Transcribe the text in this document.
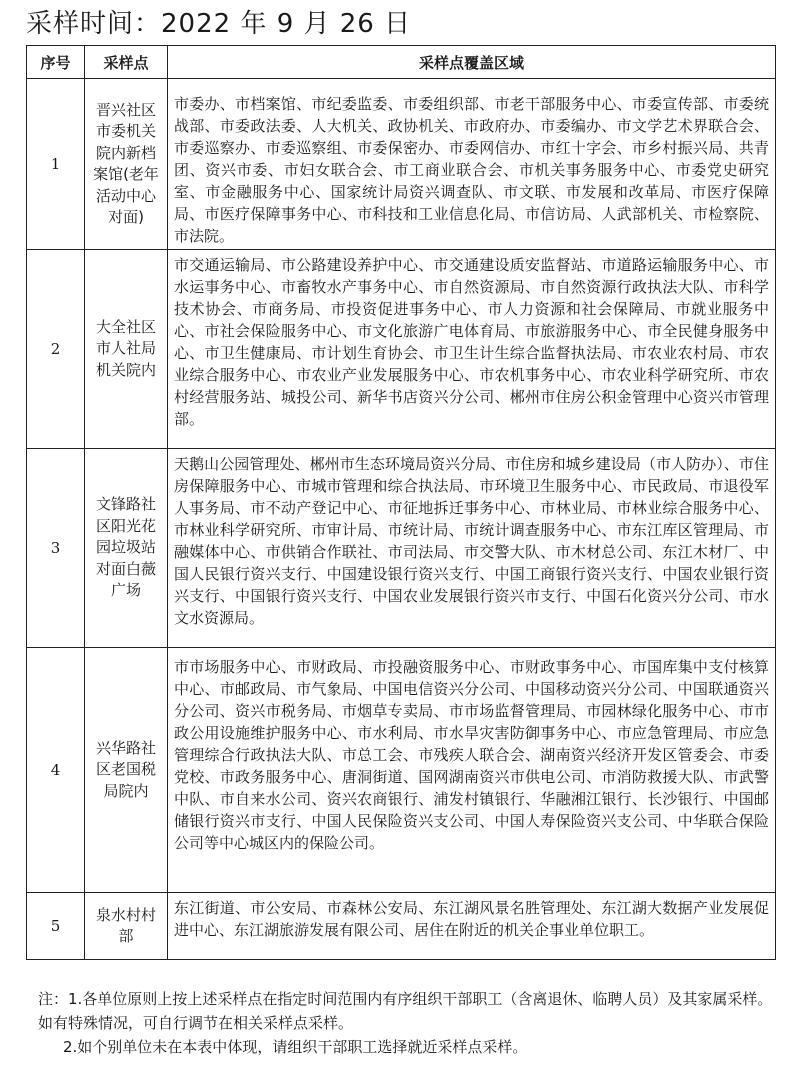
采样时间：2022 年 9 月 26 日
序号	采样点	采样点覆盖区域
1	晋兴社区市委机关院内新档案馆(老年活动中心对面)	市委办、市档案馆、市纪委监委、市委组织部、市老干部服务中心、市委宣传部、市委统战部、市委政法委、人大机关、政协机关、市政府办、市委编办、市文学艺术界联合会、市委巡察办、市委巡察组、市委保密办、市委网信办、市红十字会、市乡村振兴局、共青团、资兴市委、市妇女联合会、市工商业联合会、市机关事务服务中心、市委党史研究室、市金融服务中心、国家统计局资兴调查队、市文联、市发展和改革局、市医疗保障局、市医疗保障事务中心、市科技和工业信息化局、市信访局、人武部机关、市检察院、市法院。
2	大全社区市人社局机关院内	市交通运输局、市公路建设养护中心、市交通建设质安监督站、市道路运输服务中心、市水运事务中心、市畜牧水产事务中心、市自然资源局、市自然资源行政执法大队、市科学技术协会、市商务局、市投资促进事务中心、市人力资源和社会保障局、市就业服务中心、市社会保险服务中心、市文化旅游广电体育局、市旅游服务中心、市全民健身服务中心、市卫生健康局、市计划生育协会、市卫生计生综合监督执法局、市农业农村局、市农业综合服务中心、市农业产业发展服务中心、市农机事务中心、市农业科学研究所、市农村经营服务站、城投公司、新华书店资兴分公司、郴州市住房公积金管理中心资兴市管理部。
3	文锋路社区阳光花园垃圾站对面白薇广场	天鹅山公园管理处、郴州市生态环境局资兴分局、市住房和城乡建设局（市人防办）、市住房保障服务中心、市城市管理和综合执法局、市环境卫生服务中心、市民政局、市退役军人事务局、市不动产登记中心、市征地拆迁事务中心、市林业局、市林业综合服务中心、市林业科学研究所、市审计局、市统计局、市统计调查服务中心、市东江库区管理局、市融媒体中心、市供销合作联社、市司法局、市交警大队、市木材总公司、东江木材厂、中国人民银行资兴支行、中国建设银行资兴支行、中国工商银行资兴支行、中国农业银行资兴支行、中国银行资兴支行、中国农业发展银行资兴市支行、中国石化资兴分公司、市水文水资源局。
4	兴华路社区老国税局院内	市市场服务中心、市财政局、市投融资服务中心、市财政事务中心、市国库集中支付核算中心、市邮政局、市气象局、中国电信资兴分公司、中国移动资兴分公司、中国联通资兴分公司、资兴市税务局、市烟草专卖局、市市场监督管理局、市园林绿化服务中心、市市政公用设施维护服务中心、市水利局、市水旱灾害防御事务中心、市应急管理局、市应急管理综合行政执法大队、市总工会、市残疾人联合会、湖南资兴经济开发区管委会、市委党校、市政务服务中心、唐洞街道、国网湖南资兴市供电公司、市消防救援大队、市武警中队、市自来水公司、资兴农商银行、浦发村镇银行、华融湘江银行、长沙银行、中国邮储银行资兴市支行、中国人民保险资兴支公司、中国人寿保险资兴支公司、中华联合保险公司等中心城区内的保险公司。
5	泉水村村部	东江街道、市公安局、市森林公安局、东江湖风景名胜管理处、东江湖大数据产业发展促进中心、东江湖旅游发展有限公司、居住在附近的机关企事业单位职工。
注：1.各单位原则上按上述采样点在指定时间范围内有序组织干部职工（含离退休、临聘人员）及其家属采样。如有特殊情况，可自行调节在相关采样点采样。
2.如个别单位未在本表中体现，请组织干部职工选择就近采样点采样。
